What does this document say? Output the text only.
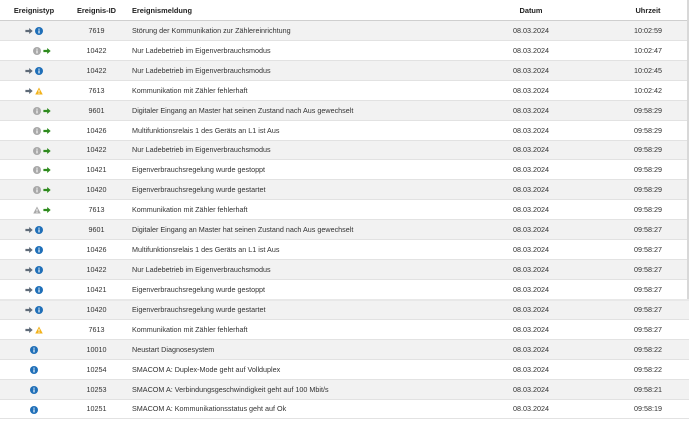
Ereignistyp	Ereignis-ID	Ereignismeldung	Datum	Uhrzeit

	7619	Störung der Kommunikation zur Zählereinrichtung	08.03.2024	10:02:59

	10422	Nur Ladebetrieb im Eigenverbrauchsmodus	08.03.2024	10:02:47

	10422	Nur Ladebetrieb im Eigenverbrauchsmodus	08.03.2024	10:02:45

	7613	Kommunikation mit Zähler fehlerhaft	08.03.2024	10:02:42

	9601	Digitaler Eingang an Master hat seinen Zustand nach Aus gewechselt	08.03.2024	09:58:29

	10426	Multifunktionsrelais 1 des Geräts an L1 ist Aus	08.03.2024	09:58:29

	10422	Nur Ladebetrieb im Eigenverbrauchsmodus	08.03.2024	09:58:29

	10421	Eigenverbrauchsregelung wurde gestoppt	08.03.2024	09:58:29

	10420	Eigenverbrauchsregelung wurde gestartet	08.03.2024	09:58:29

	7613	Kommunikation mit Zähler fehlerhaft	08.03.2024	09:58:29

	9601	Digitaler Eingang an Master hat seinen Zustand nach Aus gewechselt	08.03.2024	09:58:27

	10426	Multifunktionsrelais 1 des Geräts an L1 ist Aus	08.03.2024	09:58:27

	10422	Nur Ladebetrieb im Eigenverbrauchsmodus	08.03.2024	09:58:27

	10421	Eigenverbrauchsregelung wurde gestoppt	08.03.2024	09:58:27

	10420	Eigenverbrauchsregelung wurde gestartet	08.03.2024	09:58:27

	7613	Kommunikation mit Zähler fehlerhaft	08.03.2024	09:58:27

	10010	Neustart Diagnosesystem	08.03.2024	09:58:22

	10254	SMACOM A: Duplex-Mode geht auf Vollduplex	08.03.2024	09:58:22

	10253	SMACOM A: Verbindungsgeschwindigkeit geht auf 100 Mbit/s	08.03.2024	09:58:21

	10251	SMACOM A: Kommunikationsstatus geht auf Ok	08.03.2024	09:58:19
